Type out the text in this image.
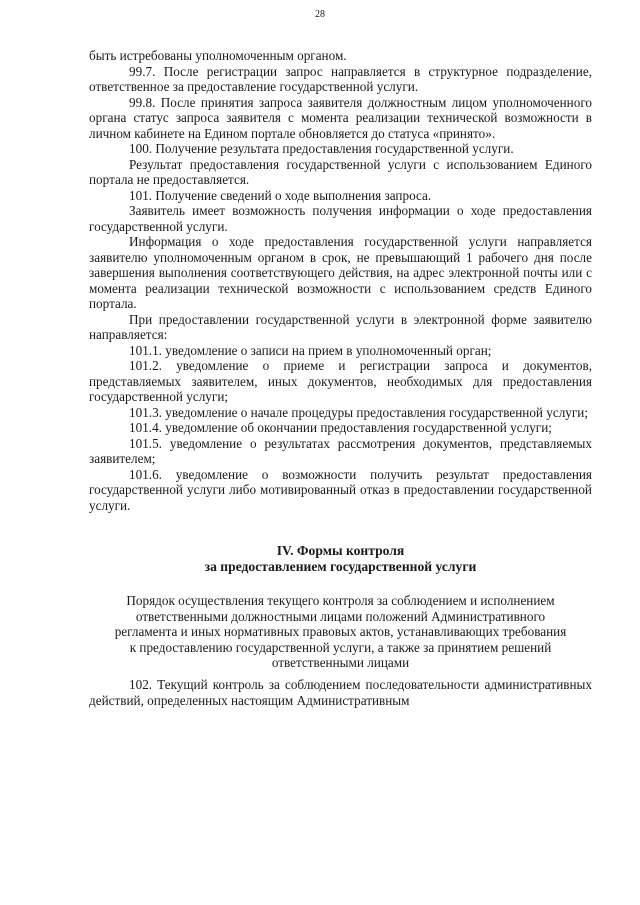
28

быть истребованы уполномоченным органом.

99.7. После регистрации запрос направляется в структурное подразделение, ответственное за предоставление государственной услуги.

99.8. После принятия запроса заявителя должностным лицом уполномоченного органа статус запроса заявителя с момента реализации технической возможности в личном кабинете на Едином портале обновляется до статуса «принято».

100. Получение результата предоставления государственной услуги.

Результат предоставления государственной услуги с использованием Единого портала не предоставляется.

101. Получение сведений о ходе выполнения запроса.

Заявитель имеет возможность получения информации о ходе предоставления государственной услуги.

Информация о ходе предоставления государственной услуги направляется заявителю уполномоченным органом в срок, не превышающий 1 рабочего дня после завершения выполнения соответствующего действия, на адрес электронной почты или с момента реализации технической возможности с использованием средств Единого портала.

При предоставлении государственной услуги в электронной форме заявителю направляется:

101.1. уведомление о записи на прием в уполномоченный орган;

101.2. уведомление о приеме и регистрации запроса и документов, представляемых заявителем, иных документов, необходимых для предоставления государственной услуги;

101.3. уведомление о начале процедуры предоставления государственной услуги;

101.4. уведомление об окончании предоставления государственной услуги;

101.5. уведомление о результатах рассмотрения документов, представляемых заявителем;

101.6. уведомление о возможности получить результат предоставления государственной услуги либо мотивированный отказ в предоставлении государственной услуги.

IV. Формы контроля
за предоставлением государственной услуги
Порядок осуществления текущего контроля за соблюдением и исполнением
ответственными должностными лицами положений Административного
регламента и иных нормативных правовых актов, устанавливающих требования
к предоставлению государственной услуги, а также за принятием решений
ответственными лицами

102. Текущий контроль за соблюдением последовательности административных действий, определенных настоящим Административным
